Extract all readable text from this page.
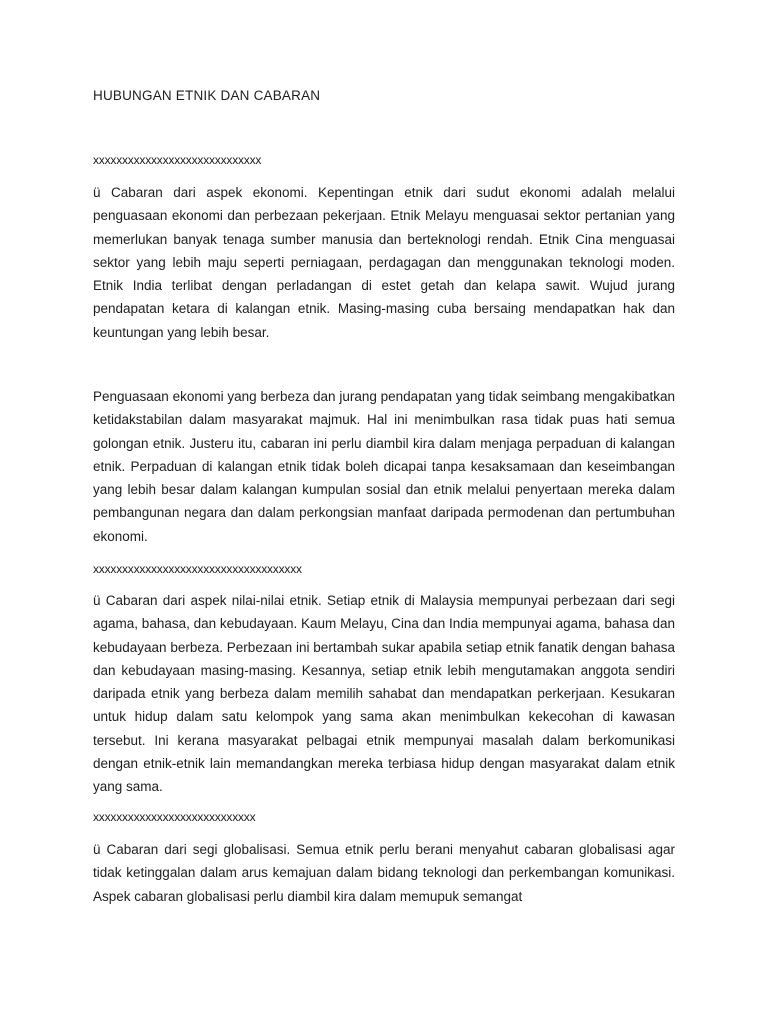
HUBUNGAN ETNIK DAN CABARAN
xxxxxxxxxxxxxxxxxxxxxxxxxxxxx

ü Cabaran dari aspek ekonomi. Kepentingan etnik dari sudut ekonomi adalah melalui penguasaan ekonomi dan perbezaan pekerjaan. Etnik Melayu menguasai sektor pertanian yang memerlukan banyak tenaga sumber manusia dan berteknologi rendah. Etnik Cina menguasai sektor yang lebih maju seperti perniagaan, perdagagan dan menggunakan teknologi moden. Etnik India terlibat dengan perladangan di estet getah dan kelapa sawit. Wujud jurang pendapatan ketara di kalangan etnik. Masing-masing cuba bersaing mendapatkan hak dan keuntungan yang lebih besar.

Penguasaan ekonomi yang berbeza dan jurang pendapatan yang tidak seimbang mengakibatkan ketidakstabilan dalam masyarakat majmuk. Hal ini menimbulkan rasa tidak puas hati semua golongan etnik. Justeru itu, cabaran ini perlu diambil kira dalam menjaga perpaduan di kalangan etnik. Perpaduan di kalangan etnik tidak boleh dicapai tanpa kesaksamaan dan keseimbangan yang lebih besar dalam kalangan kumpulan sosial dan etnik melalui penyertaan mereka dalam pembangunan negara dan dalam perkongsian manfaat daripada permodenan dan pertumbuhan ekonomi.

xxxxxxxxxxxxxxxxxxxxxxxxxxxxxxxxxxxx

ü Cabaran dari aspek nilai-nilai etnik. Setiap etnik di Malaysia mempunyai perbezaan dari segi agama, bahasa, dan kebudayaan. Kaum Melayu, Cina dan India mempunyai agama, bahasa dan kebudayaan berbeza. Perbezaan ini bertambah sukar apabila setiap etnik fanatik dengan bahasa dan kebudayaan masing-masing. Kesannya, setiap etnik lebih mengutamakan anggota sendiri daripada etnik yang berbeza dalam memilih sahabat dan mendapatkan perkerjaan. Kesukaran untuk hidup dalam satu kelompok yang sama akan menimbulkan kekecohan di kawasan tersebut. Ini kerana masyarakat pelbagai etnik mempunyai masalah dalam berkomunikasi dengan etnik-etnik lain memandangkan mereka terbiasa hidup dengan masyarakat dalam etnik yang sama.

xxxxxxxxxxxxxxxxxxxxxxxxxxxx

ü Cabaran dari segi globalisasi. Semua etnik perlu berani menyahut cabaran globalisasi agar tidak ketinggalan dalam arus kemajuan dalam bidang teknologi dan perkembangan komunikasi. Aspek cabaran globalisasi perlu diambil kira dalam memupuk semangat
